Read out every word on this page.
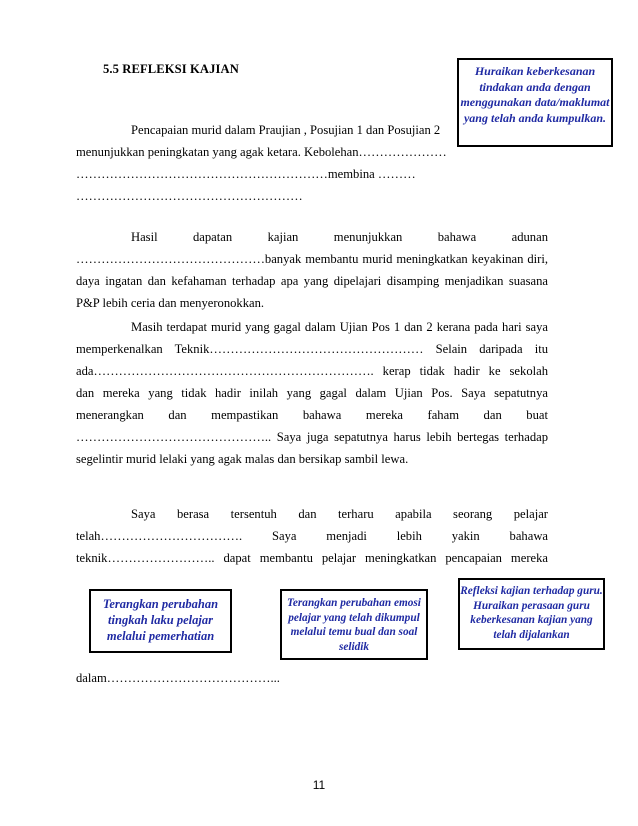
5.5 REFLEKSI KAJIAN	Huraikan keberkesanan tindakan anda dengan menggunakan data/maklumat yang telah anda kumpulkan.
Pencapaian murid dalam Praujian , Posujian 1 dan Posujian 2
menunjukkan peningkatan yang agak ketara. Kebolehan…………………
……………………………………………………membina ………
………………………………………………
Hasil dapatan kajian menunjukkan bahawa adunan
………………………………………banyak membantu murid meningkatkan keyakinan diri,
daya ingatan dan kefahaman terhadap apa yang dipelajari disamping menjadikan suasana
P&P lebih ceria dan menyeronokkan.
Masih terdapat murid yang gagal dalam Ujian Pos 1 dan 2 kerana pada hari saya
memperkenalkan Teknik…………………………………………… Selain daripada itu
ada…………………………………………………………. kerap tidak hadir ke sekolah
dan mereka yang tidak hadir inilah yang gagal dalam Ujian Pos. Saya sepatutnya
menerangkan dan mempastikan bahawa mereka faham dan buat
……………………………………….. Saya juga sepatutnya harus lebih bertegas terhadap
segelintir murid lelaki yang agak malas dan bersikap sambil lewa.
Saya berasa tersentuh dan terharu apabila seorang pelajar
telah……………………………. Saya menjadi lebih yakin bahawa
teknik…………………….. dapat membantu pelajar meningkatkan pencapaian mereka
Terangkan perubahan tingkah laku pelajar melalui pemerhatian
Terangkan perubahan emosi pelajar yang telah dikumpul melalui temu bual dan soal selidik
Refleksi kajian terhadap guru. Huraikan perasaan guru keberkesanan kajian yang telah dijalankan
dalam…………………………………...
11
